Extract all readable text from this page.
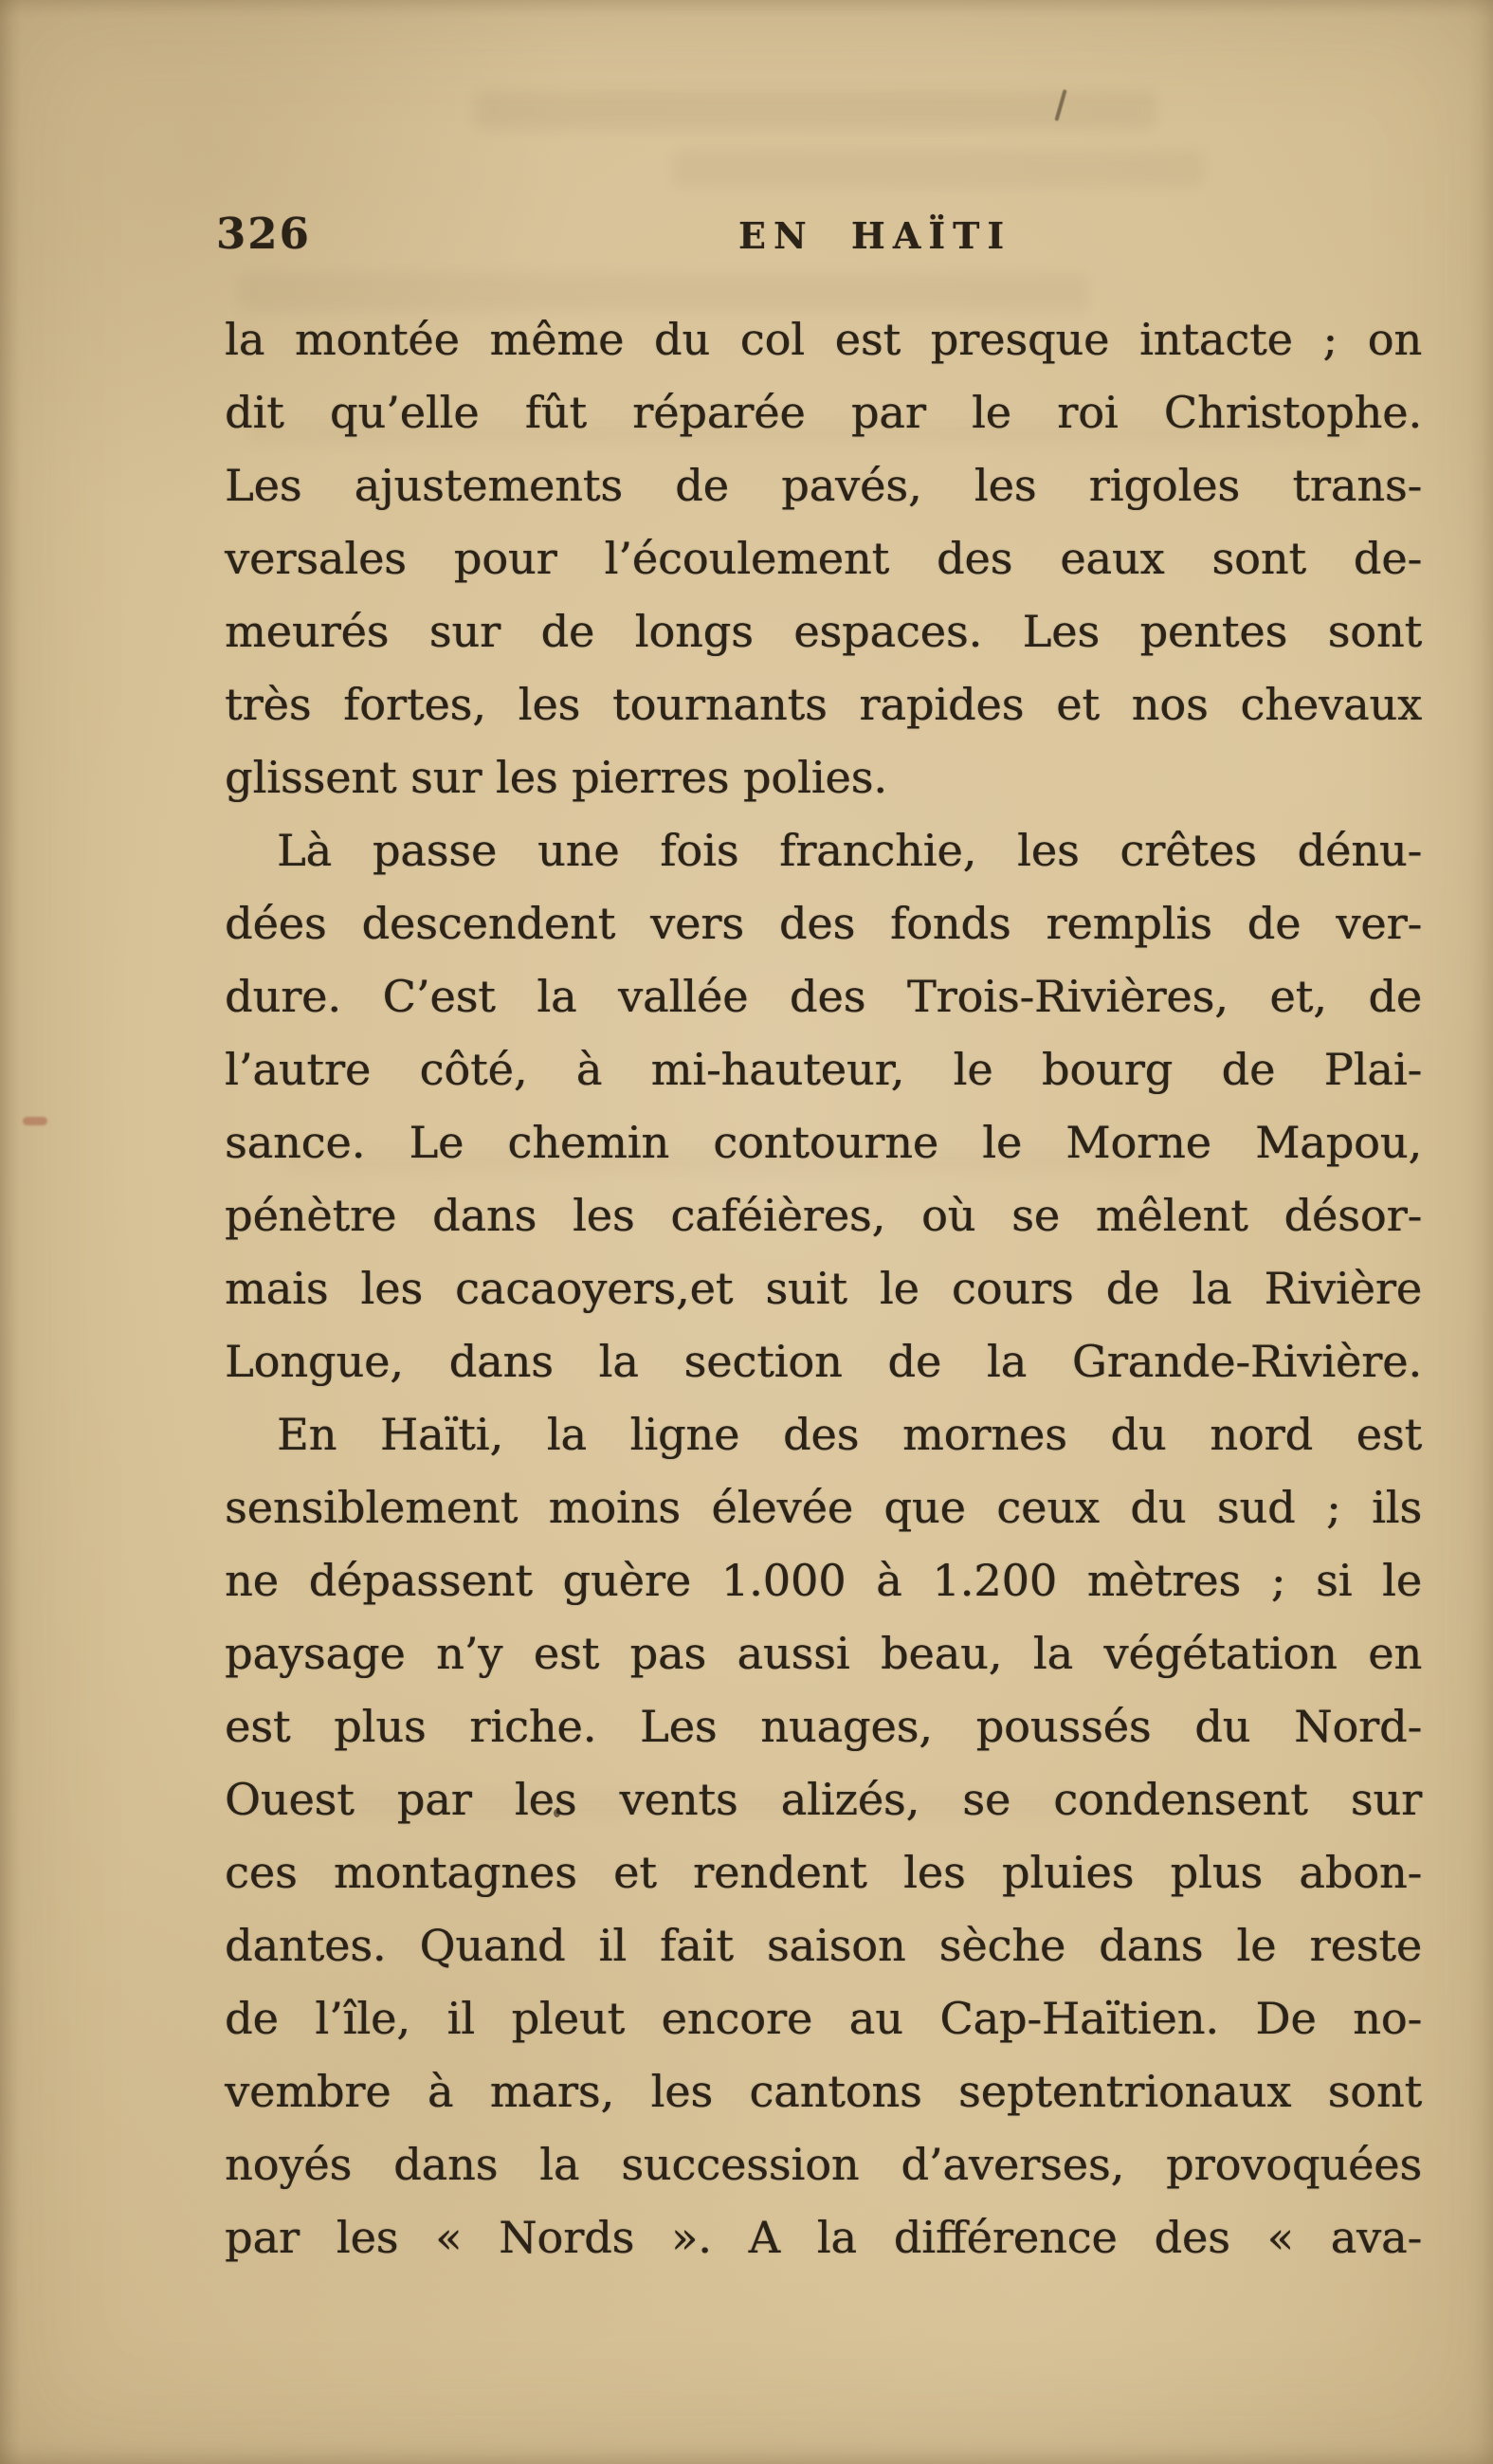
326	EN HAÏTI
la montée même du col est presque intacte ; on
dit qu’elle fût réparée par le roi Christophe.
Les ajustements de pavés, les rigoles trans-
versales pour l’écoulement des eaux sont de-
meurés sur de longs espaces. Les pentes sont
très fortes, les tournants rapides et nos chevaux
glissent sur les pierres polies.
Là passe une fois franchie, les crêtes dénu-
dées descendent vers des fonds remplis de ver-
dure. C’est la vallée des Trois-Rivières, et, de
l’autre côté, à mi-hauteur, le bourg de Plai-
sance. Le chemin contourne le Morne Mapou,
pénètre dans les caféières, où se mêlent désor-
mais les cacaoyers,et suit le cours de la Rivière
Longue, dans la section de la Grande-Rivière.
En Haïti, la ligne des mornes du nord est
sensiblement moins élevée que ceux du sud ; ils
ne dépassent guère 1.000 à 1.200 mètres ; si le
paysage n’y est pas aussi beau, la végétation en
est plus riche. Les nuages, poussés du Nord-
Ouest par les vents alizés, se condensent sur
ces montagnes et rendent les pluies plus abon-
dantes. Quand il fait saison sèche dans le reste
de l’île, il pleut encore au Cap-Haïtien. De no-
vembre à mars, les cantons septentrionaux sont
noyés dans la succession d’averses, provoquées
par les « Nords ». A la différence des « ava-
